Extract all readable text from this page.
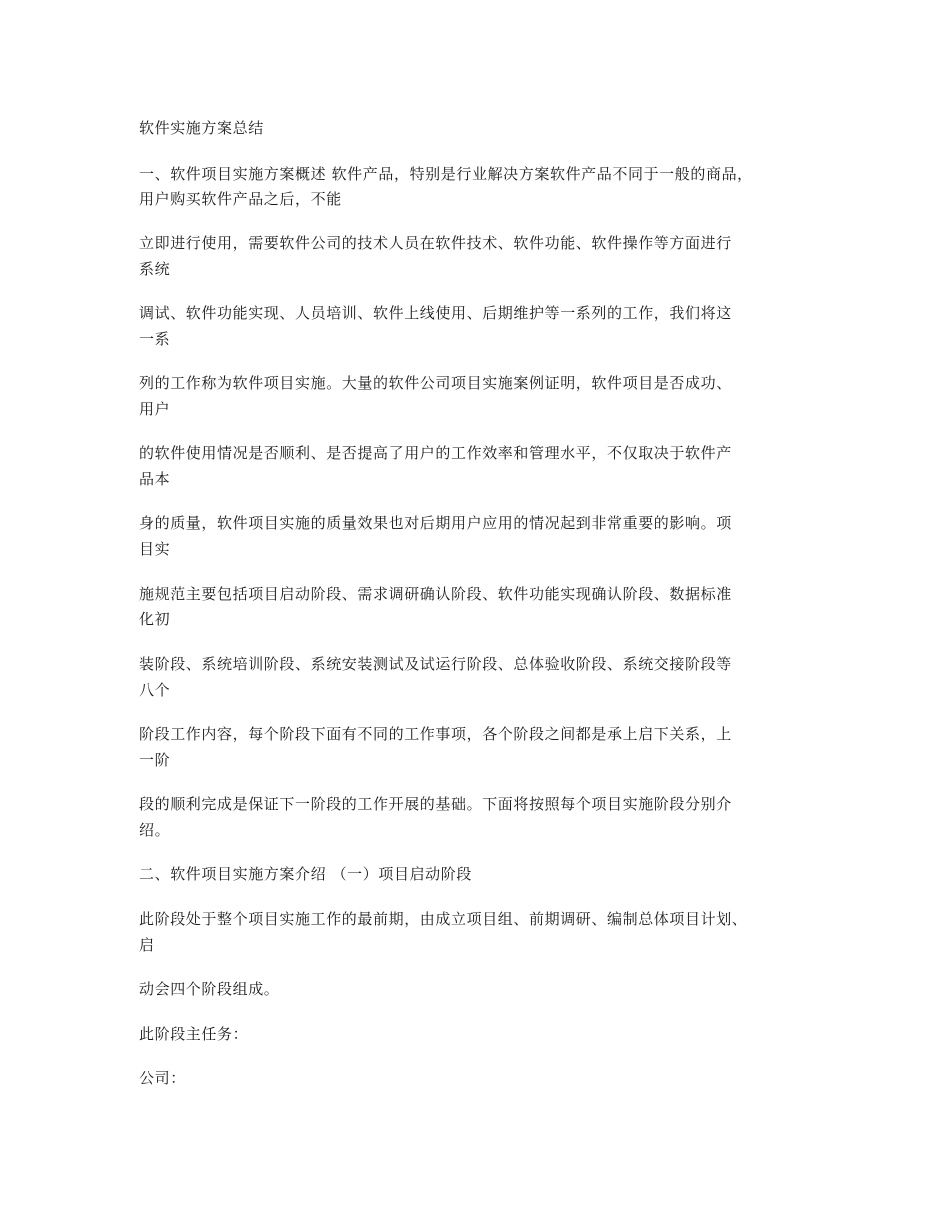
软件实施方案总结

一、软件项目实施方案概述 软件产品，特别是行业解决方案软件产品不同于一般的商品，

用户购买软件产品之后，不能

立即进行使用，需要软件公司的技术人员在软件技术、软件功能、软件操作等方面进行

系统

调试、软件功能实现、人员培训、软件上线使用、后期维护等一系列的工作，我们将这

一系

列的工作称为软件项目实施。大量的软件公司项目实施案例证明，软件项目是否成功、

用户

的软件使用情况是否顺利、是否提高了用户的工作效率和管理水平，不仅取决于软件产

品本

身的质量，软件项目实施的质量效果也对后期用户应用的情况起到非常重要的影响。项

目实

施规范主要包括项目启动阶段、需求调研确认阶段、软件功能实现确认阶段、数据标准

化初

装阶段、系统培训阶段、系统安装测试及试运行阶段、总体验收阶段、系统交接阶段等

八个

阶段工作内容，每个阶段下面有不同的工作事项，各个阶段之间都是承上启下关系，上

一阶

段的顺利完成是保证下一阶段的工作开展的基础。下面将按照每个项目实施阶段分别介

绍。

二、软件项目实施方案介绍 （一）项目启动阶段

此阶段处于整个项目实施工作的最前期，由成立项目组、前期调研、编制总体项目计划、

启

动会四个阶段组成。

此阶段主任务：

公司：
